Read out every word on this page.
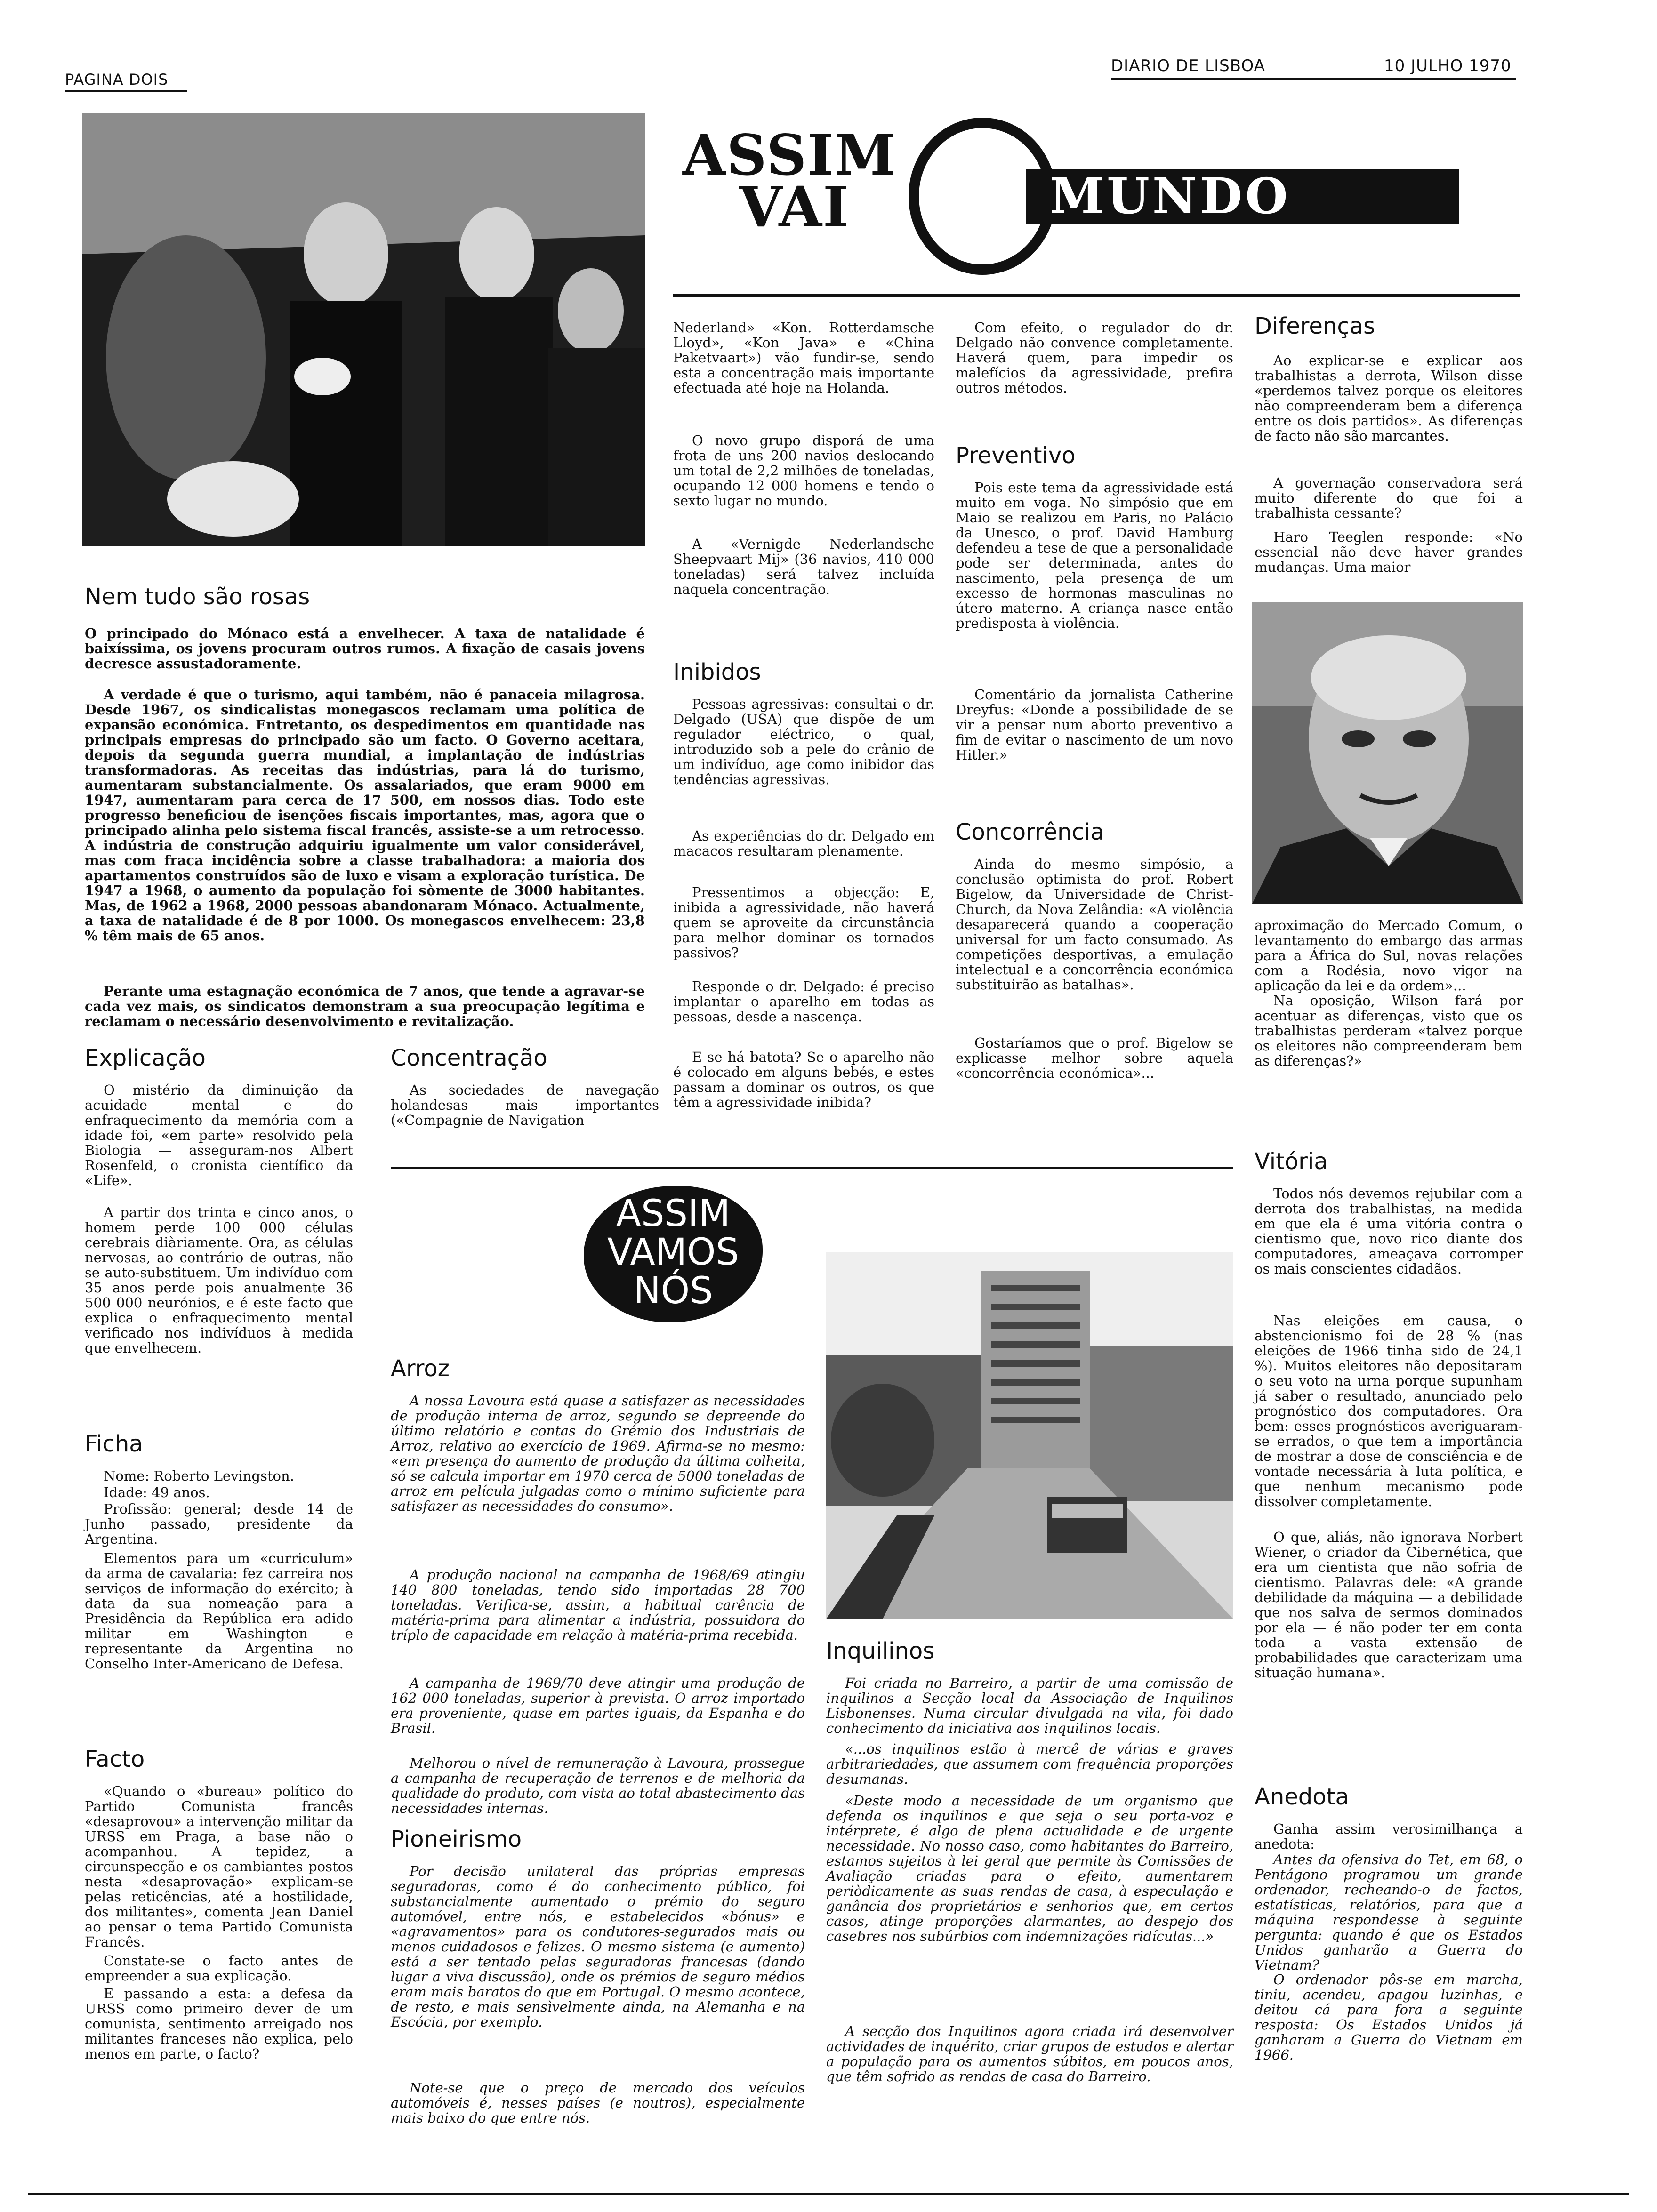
PAGINA DOIS
DIARIO DE LISBOA	10 JULHO 1970
ASSIM
VAI	MUNDO
Nem tudo são rosas
O principado do Mónaco está a envelhecer. A taxa de natalidade é baixíssima, os jovens procuram outros rumos. A fixação de casais jovens decresce assustadoramente.
A verdade é que o turismo, aqui também, não é panaceia milagrosa. Desde 1967, os sindicalistas monegascos reclamam uma política de expansão económica. Entretanto, os despedimentos em quantidade nas principais empresas do principado são um facto. O Governo aceitara, depois da segunda guerra mundial, a implantação de indústrias transformadoras. As receitas das indústrias, para lá do turismo, aumentaram substancialmente. Os assalariados, que eram 9000 em 1947, aumentaram para cerca de 17 500, em nossos dias. Todo este progresso beneficiou de isenções fiscais importantes, mas, agora que o principado alinha pelo sistema fiscal francês, assiste-se a um retrocesso. A indústria de construção adquiriu igualmente um valor considerável, mas com fraca incidência sobre a classe trabalhadora: a maioria dos apartamentos construídos são de luxo e visam a exploração turística. De 1947 a 1968, o aumento da população foi sòmente de 3000 habitantes. Mas, de 1962 a 1968, 2000 pessoas abandonaram Mónaco. Actualmente, a taxa de natalidade é de 8 por 1000. Os monegascos envelhecem: 23,8 % têm mais de 65 anos.
Perante uma estagnação económica de 7 anos, que tende a agravar-se cada vez mais, os sindicatos demonstram a sua preocupação legítima e reclamam o necessário desenvolvimento e revitalização.
Explicação
O mistério da diminuição da acuidade mental e do enfraquecimento da memória com a idade foi, «em parte» resolvido pela Biologia — asseguram-nos Albert Rosenfeld, o cronista científico da «Life».
A partir dos trinta e cinco anos, o homem perde 100 000 células cerebrais diàriamente. Ora, as células nervosas, ao contrário de outras, não se auto-substituem. Um indivíduo com 35 anos perde pois anualmente 36 500 000 neurónios, e é este facto que explica o enfraquecimento mental verificado nos indivíduos à medida que envelhecem.
Ficha
Nome: Roberto Levingston.
Idade: 49 anos.
Profissão: general; desde 14 de Junho passado, presidente da Argentina.
Elementos para um «curriculum» da arma de cavalaria: fez carreira nos serviços de informação do exército; à data da sua nomeação para a Presidência da República era adido militar em Washington e representante da Argentina no Conselho Inter-Americano de Defesa.
Facto
«Quando o «bureau» político do Partido Comunista francês «desaprovou» a intervenção militar da URSS em Praga, a base não o acompanhou. A tepidez, a circunspecção e os cambiantes postos nesta «desaprovação» explicam-se pelas reticências, até a hostilidade, dos militantes», comenta Jean Daniel ao pensar o tema Partido Comunista Francês.
Constate-se o facto antes de empreender a sua explicação.
E passando a esta: a defesa da URSS como primeiro dever de um comunista, sentimento arreigado nos militantes franceses não explica, pelo menos em parte, o facto?
Concentração
As sociedades de navegação holandesas mais importantes («Compagnie de Navigation
Nederland» «Kon. Rotterdamsche Lloyd», «Kon Java» e «China Paketvaart») vão fundir-se, sendo esta a concentração mais importante efectuada até hoje na Holanda.
O novo grupo disporá de uma frota de uns 200 navios deslocando um total de 2,2 milhões de toneladas, ocupando 12 000 homens e tendo o sexto lugar no mundo.
A «Vernigde Nederlandsche Sheepvaart Mij» (36 navios, 410 000 toneladas) será talvez incluída naquela concentração.
Inibidos
Pessoas agressivas: consultai o dr. Delgado (USA) que dispõe de um regulador eléctrico, o qual, introduzido sob a pele do crânio de um indivíduo, age como inibidor das tendências agressivas.
As experiências do dr. Delgado em macacos resultaram plenamente.
Pressentimos a objecção: E, inibida a agressividade, não haverá quem se aproveite da circunstância para melhor dominar os tornados passivos?
Responde o dr. Delgado: é preciso implantar o aparelho em todas as pessoas, desde a nascença.
E se há batota? Se o aparelho não é colocado em alguns bebés, e estes passam a dominar os outros, os que têm a agressividade inibida?
Com efeito, o regulador do dr. Delgado não convence completamente. Haverá quem, para impedir os malefícios da agressividade, prefira outros métodos.
Preventivo
Pois este tema da agressividade está muito em voga. No simpósio que em Maio se realizou em Paris, no Palácio da Unesco, o prof. David Hamburg defendeu a tese de que a personalidade pode ser determinada, antes do nascimento, pela presença de um excesso de hormonas masculinas no útero materno. A criança nasce então predisposta à violência.
Comentário da jornalista Catherine Dreyfus: «Donde a possibilidade de se vir a pensar num aborto preventivo a fim de evitar o nascimento de um novo Hitler.»
Concorrência
Ainda do mesmo simpósio, a conclusão optimista do prof. Robert Bigelow, da Universidade de Christ-Church, da Nova Zelândia: «A violência desaparecerá quando a cooperação universal for um facto consumado. As competições desportivas, a emulação intelectual e a concorrência económica substituirão as batalhas».
Gostaríamos que o prof. Bigelow se explicasse melhor sobre aquela «concorrência económica»...
Diferenças
Ao explicar-se e explicar aos trabalhistas a derrota, Wilson disse «perdemos talvez porque os eleitores não compreenderam bem a diferença entre os dois partidos». As diferenças de facto não são marcantes.
A governação conservadora será muito diferente do que foi a trabalhista cessante?
Haro Teeglen responde: «No essencial não deve haver grandes mudanças. Uma maior
aproximação do Mercado Comum, o levantamento do embargo das armas para a África do Sul, novas relações com a Rodésia, novo vigor na aplicação da lei e da ordem»...
Na oposição, Wilson fará por acentuar as diferenças, visto que os trabalhistas perderam «talvez porque os eleitores não compreenderam bem as diferenças?»
Vitória
Todos nós devemos rejubilar com a derrota dos trabalhistas, na medida em que ela é uma vitória contra o cientismo que, novo rico diante dos computadores, ameaçava corromper os mais conscientes cidadãos.
Nas eleições em causa, o abstencionismo foi de 28 % (nas eleições de 1966 tinha sido de 24,1 %). Muitos eleitores não depositaram o seu voto na urna porque supunham já saber o resultado, anunciado pelo prognóstico dos computadores. Ora bem: esses prognósticos averiguaram-se errados, o que tem a importância de mostrar a dose de consciência e de vontade necessária à luta política, e que nenhum mecanismo pode dissolver completamente.
O que, aliás, não ignorava Norbert Wiener, o criador da Cibernética, que era um cientista que não sofria de cientismo. Palavras dele: «A grande debilidade da máquina — a debilidade que nos salva de sermos dominados por ela — é não poder ter em conta toda a vasta extensão de probabilidades que caracterizam uma situação humana».
Anedota
Ganha assim verosimilhança a anedota:
Antes da ofensiva do Tet, em 68, o Pentágono programou um grande ordenador, recheando-o de factos, estatísticas, relatórios, para que a máquina respondesse à seguinte pergunta: quando é que os Estados Unidos ganharão a Guerra do Vietnam?
O ordenador pôs-se em marcha, tiniu, acendeu, apagou luzinhas, e deitou cá para fora a seguinte resposta: Os Estados Unidos já ganharam a Guerra do Vietnam em 1966.
ASSIM
VAMOS
NÓS
Arroz
A nossa Lavoura está quase a satisfazer as necessidades de produção interna de arroz, segundo se depreende do último relatório e contas do Grémio dos Industriais de Arroz, relativo ao exercício de 1969. Afirma-se no mesmo: «em presença do aumento de produção da última colheita, só se calcula importar em 1970 cerca de 5000 toneladas de arroz em película julgadas como o mínimo suficiente para satisfazer as necessidades do consumo».
A produção nacional na campanha de 1968/69 atingiu 140 800 toneladas, tendo sido importadas 28 700 toneladas. Verifica-se, assim, a habitual carência de matéria-prima para alimentar a indústria, possuidora do tríplo de capacidade em relação à matéria-prima recebida.
A campanha de 1969/70 deve atingir uma produção de 162 000 toneladas, superior à prevista. O arroz importado era proveniente, quase em partes iguais, da Espanha e do Brasil.
Melhorou o nível de remuneração à Lavoura, prossegue a campanha de recuperação de terrenos e de melhoria da qualidade do produto, com vista ao total abastecimento das necessidades internas.
Pioneirismo
Por decisão unilateral das próprias empresas seguradoras, como é do conhecimento público, foi substancialmente aumentado o prémio do seguro automóvel, entre nós, e estabelecidos «bónus» e «agravamentos» para os condutores-segurados mais ou menos cuidadosos e felizes. O mesmo sistema (e aumento) está a ser tentado pelas seguradoras francesas (dando lugar a viva discussão), onde os prémios de seguro médios eram mais baratos do que em Portugal. O mesmo acontece, de resto, e mais sensìvelmente ainda, na Alemanha e na Escócia, por exemplo.
Note-se que o preço de mercado dos veículos automóveis é, nesses países (e noutros), especialmente mais baixo do que entre nós.
Inquilinos
Foi criada no Barreiro, a partir de uma comissão de inquilinos a Secção local da Associação de Inquilinos Lisbonenses. Numa circular divulgada na vila, foi dado conhecimento da iniciativa aos inquilinos locais.
«...os inquilinos estão à mercê de várias e graves arbitrariedades, que assumem com frequência proporções desumanas.
«Deste modo a necessidade de um organismo que defenda os inquilinos e que seja o seu porta-voz e intérprete, é algo de plena actualidade e de urgente necessidade. No nosso caso, como habitantes do Barreiro, estamos sujeitos à lei geral que permite às Comissões de Avaliação criadas para o efeito, aumentarem periòdicamente as suas rendas de casa, à especulação e ganância dos proprietários e senhorios que, em certos casos, atinge proporções alarmantes, ao despejo dos casebres nos subúrbios com indemnizações ridículas...»
A secção dos Inquilinos agora criada irá desenvolver actividades de inquérito, criar grupos de estudos e alertar a população para os aumentos súbitos, em poucos anos, que têm sofrido as rendas de casa do Barreiro.
